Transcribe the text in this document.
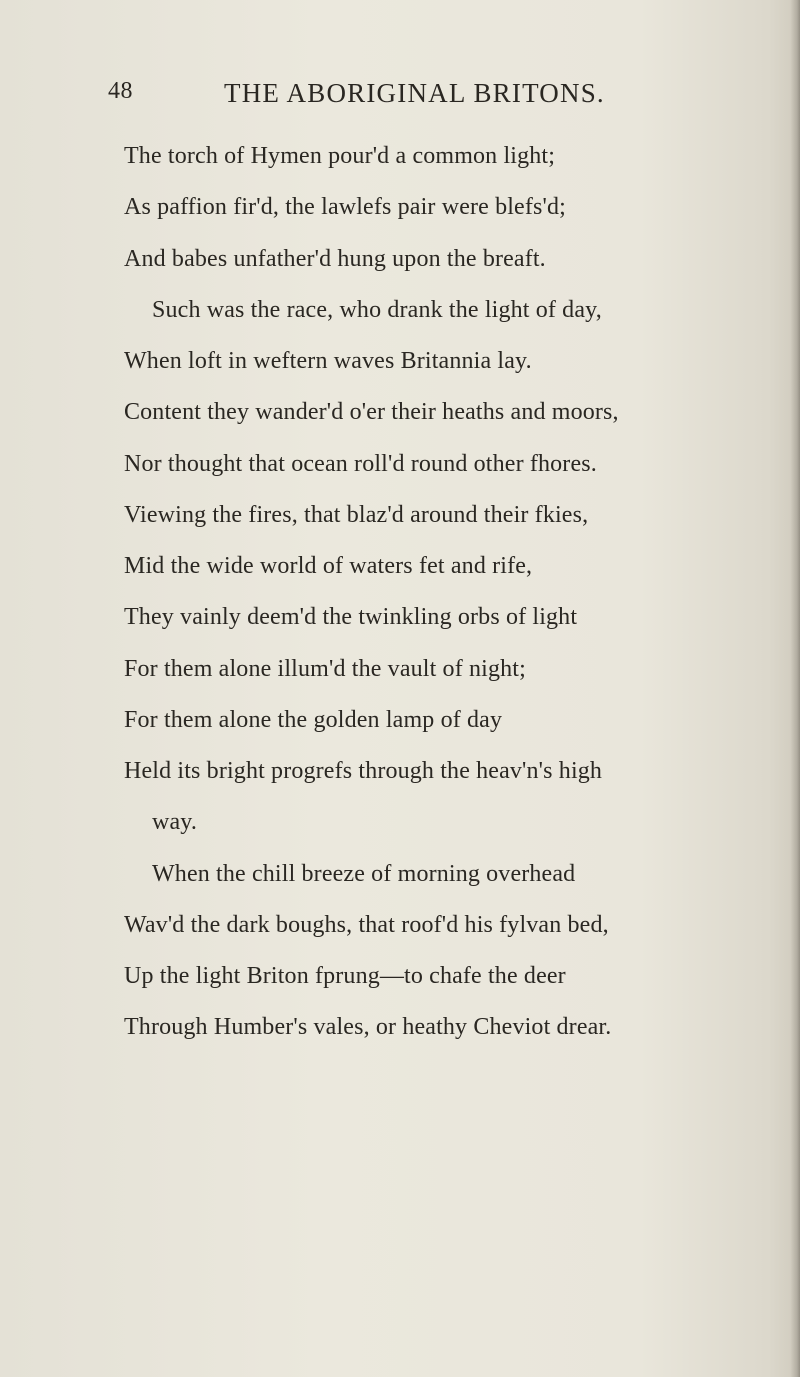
48	THE ABORIGINAL BRITONS.
The torch of Hymen pour'd a common light;
As paffion fir'd, the lawlefs pair were blefs'd;
And babes unfather'd hung upon the breaft.
Such was the race, who drank the light of day,
When loft in weftern waves Britannia lay.
Content they wander'd o'er their heaths and moors,
Nor thought that ocean roll'd round other fhores.
Viewing the fires, that blaz'd around their fkies,
Mid the wide world of waters fet and rife,
They vainly deem'd the twinkling orbs of light
For them alone illum'd the vault of night;
For them alone the golden lamp of day
Held its bright progrefs through the heav'n's high
way.
When the chill breeze of morning overhead
Wav'd the dark boughs, that roof'd his fylvan bed,
Up the light Briton fprung—to chafe the deer
Through Humber's vales, or heathy Cheviot drear.
